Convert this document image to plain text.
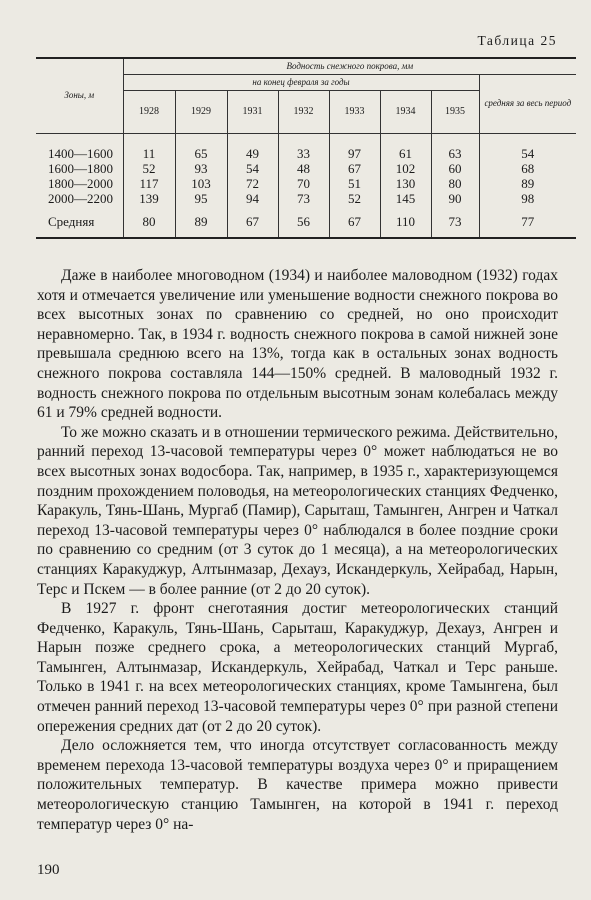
Таблица 25
Зоны, м	Водность снежного покрова, мм							
	на конец февраля за годы							средняя за весь период
	1928	1929	1931	1932	1933	1934	1935	
1400—1600	11	65	49	33	97	61	63	54
1600—1800	52	93	54	48	67	102	60	68
1800—2000	117	103	72	70	51	130	80	89
2000—2200	139	95	94	73	52	145	90	98
Средняя	80	89	67	56	67	110	73	77

Даже в наиболее многоводном (1934) и наиболее маловодном (1932) годах хотя и отмечается увеличение или уменьшение водности снежного покрова во всех высотных зонах по сравнению со средней, но оно происходит неравномерно. Так, в 1934 г. водность снежного покрова в самой нижней зоне превышала среднюю всего на 13%, тогда как в остальных зонах водность снежного покрова составляла 144—150% средней. В маловодный 1932 г. водность снежного покрова по отдельным высотным зонам колебалась между 61 и 79% средней водности.

То же можно сказать и в отношении термического режима. Действительно, ранний переход 13-часовой температуры через 0° может наблюдаться не во всех высотных зонах водосбора. Так, например, в 1935 г., характеризующемся поздним прохождением половодья, на метеорологических станциях Федченко, Каракуль, Тянь-Шань, Мургаб (Памир), Сарыташ, Тамынген, Ангрен и Чаткал переход 13-часовой температуры через 0° наблюдался в более поздние сроки по сравнению со средним (от 3 суток до 1 месяца), а на метеорологических станциях Каракуджур, Алтынмазар, Дехауз, Искандеркуль, Хейрабад, Нарын, Терс и Пскем — в более ранние (от 2 до 20 суток).

В 1927 г. фронт снеготаяния достиг метеорологических станций Федченко, Каракуль, Тянь-Шань, Сарыташ, Каракуджур, Дехауз, Ангрен и Нарын позже среднего срока, а метеорологических станций Мургаб, Тамынген, Алтынмазар, Искандеркуль, Хейрабад, Чаткал и Терс раньше. Только в 1941 г. на всех метеорологических станциях, кроме Тамынгена, был отмечен ранний переход 13-часовой температуры через 0° при разной степени опережения средних дат (от 2 до 20 суток).

Дело осложняется тем, что иногда отсутствует согласованность между временем перехода 13-часовой температуры воздуха через 0° и приращением положительных температур. В качестве примера можно привести метеорологическую станцию Тамынген, на которой в 1941 г. переход температур через 0° на-

190
